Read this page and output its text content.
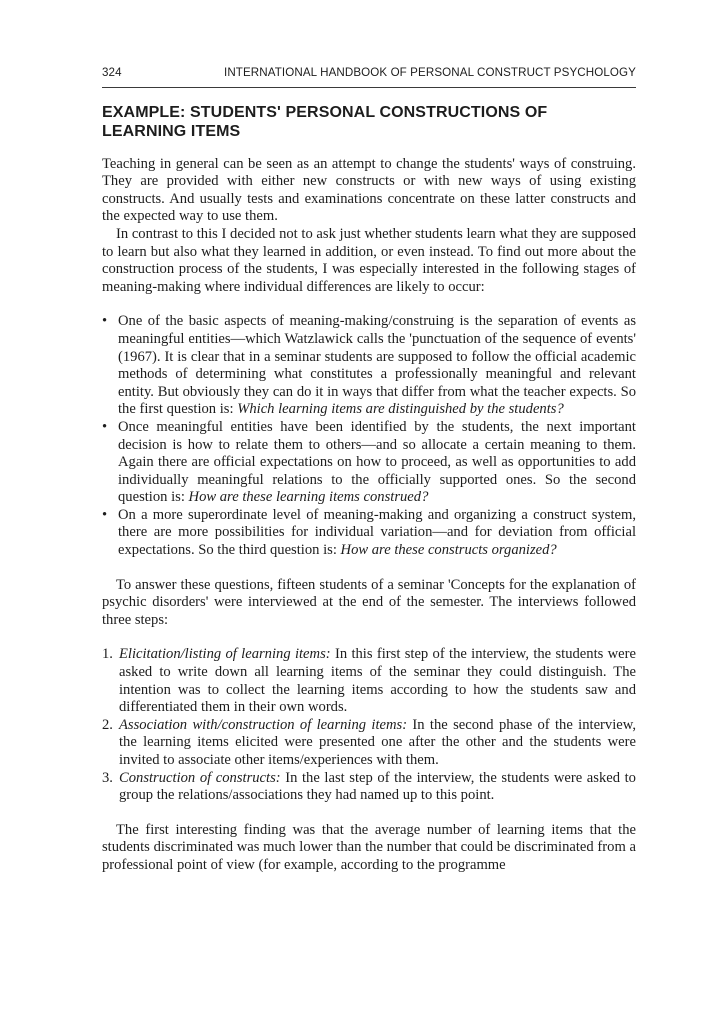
324	INTERNATIONAL HANDBOOK OF PERSONAL CONSTRUCT PSYCHOLOGY
EXAMPLE: STUDENTS' PERSONAL CONSTRUCTIONS OF LEARNING ITEMS

Teaching in general can be seen as an attempt to change the students' ways of construing. They are provided with either new constructs or with new ways of using existing constructs. And usually tests and examinations concentrate on these latter constructs and the expected way to use them.

In contrast to this I decided not to ask just whether students learn what they are supposed to learn but also what they learned in addition, or even instead. To find out more about the construction process of the students, I was especially interested in the following stages of meaning-making where individual differences are likely to occur:

• One of the basic aspects of meaning-making/construing is the separation of events as meaningful entities—which Watzlawick calls the 'punctuation of the sequence of events' (1967). It is clear that in a seminar students are supposed to follow the official academic methods of determining what constitutes a professionally meaningful and relevant entity. But obviously they can do it in ways that differ from what the teacher expects. So the first question is: Which learning items are distinguished by the students?
• Once meaningful entities have been identified by the students, the next important decision is how to relate them to others—and so allocate a certain meaning to them. Again there are official expectations on how to proceed, as well as opportunities to add individually meaningful relations to the officially supported ones. So the second question is: How are these learning items construed?
• On a more superordinate level of meaning-making and organizing a construct system, there are more possibilities for individual variation—and for deviation from official expectations. So the third question is: How are these constructs organized?

To answer these questions, fifteen students of a seminar 'Concepts for the explanation of psychic disorders' were interviewed at the end of the semester. The interviews followed three steps:

1. Elicitation/listing of learning items: In this first step of the interview, the students were asked to write down all learning items of the seminar they could distinguish. The intention was to collect the learning items according to how the students saw and differentiated them in their own words.
2. Association with/construction of learning items: In the second phase of the interview, the learning items elicited were presented one after the other and the students were invited to associate other items/experiences with them.
3. Construction of constructs: In the last step of the interview, the students were asked to group the relations/associations they had named up to this point.

The first interesting finding was that the average number of learning items that the students discriminated was much lower than the number that could be discriminated from a professional point of view (for example, according to the programme
